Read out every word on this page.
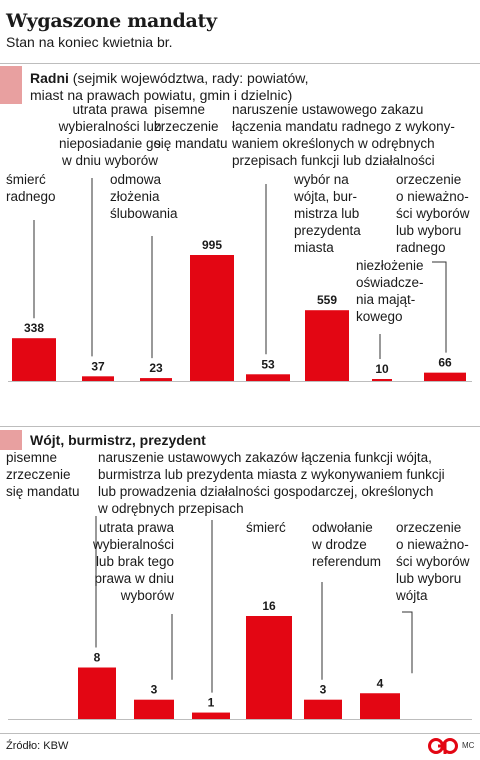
Wygaszone mandaty
Stan na koniec kwietnia br.
Radni (sejmik województwa, rady: powiatów,
miast na prawach powiatu, gmin i dzielnic)
Wójt, burmistrz, prezydent
338
śmierć radnego
37
utrata prawa wybieralności lub nieposiadanie go w dniu wyborów
23
odmowa złożenia ślubowania
995
pisemne zrzeczenie się mandatu
53
naruszenie ustawowego zakazu łączenia mandatu radnego z wykony-waniem określonych w odrębnych przepisach funkcji lub działalności
559
wybór na wójta, bur-mistrza lub prezydenta miasta
10
niezłożenie oświadcze-nia mająt-kowego
66
orzeczenie o nieważno-ści wyborów lub wyboru radnego
8
pisemne zrzeczenie się mandatu
3
utrata prawa wybieralności lub brak tego prawa w dniu wyborów
1
naruszenie ustawowych zakazów łączenia funkcji wójta, burmistrza lub prezydenta miasta z wykonywaniem funkcji lub prowadzenia działalności gospodarczej, określonych w odrębnych przepisach
16
śmierć
3
odwołanie w drodze referendum
4
orzeczenie o nieważno-ści wyborów lub wyboru wójta
Źródło: KBW	MC
